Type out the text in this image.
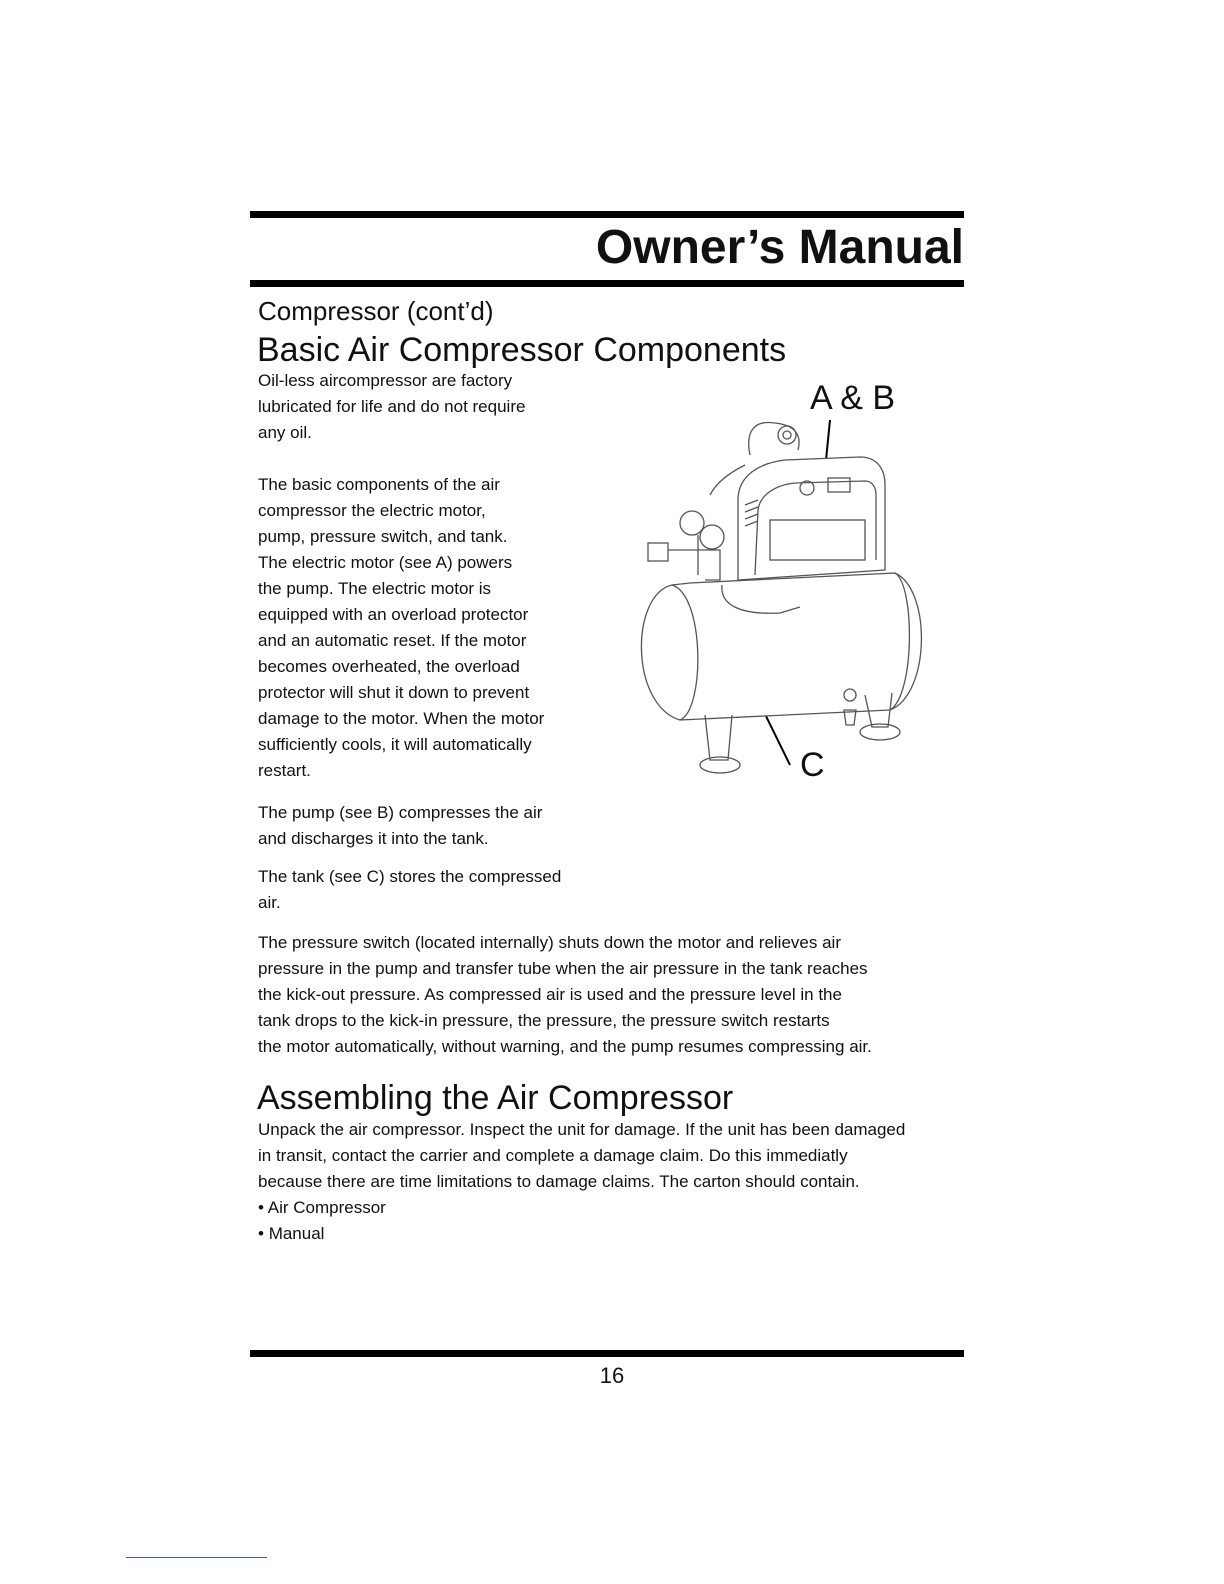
Owner’s Manual

Compressor (cont’d)

Basic Air Compressor Components

Oil-less aircompressor are factory
lubricated for life and do not require
any oil.

The basic components of the air
compressor the electric motor,
pump, pressure switch, and tank.
The electric motor (see A) powers
the pump. The electric motor is
equipped with an overload protector
and an automatic reset. If the motor
becomes overheated, the overload
protector will shut it down to prevent
damage to the motor. When the motor
sufficiently cools, it will automatically
restart.

The pump (see B) compresses the air
and discharges it into the tank.

The tank (see C) stores the compressed
air.

The pressure switch (located internally) shuts down the motor and relieves air
pressure in the pump and transfer tube when the air pressure in the tank reaches
the kick-out pressure. As compressed air is used and the pressure level in the
tank drops to the kick-in pressure, the pressure, the pressure switch restarts
the motor automatically, without warning, and the pump resumes compressing air.

A & B

C

Assembling the Air Compressor

Unpack the air compressor. Inspect the unit for damage. If the unit has been damaged
in transit, contact the carrier and complete a damage claim. Do this immediatly
because there are time limitations to damage claims. The carton should contain.

• Air Compressor
• Manual

16
